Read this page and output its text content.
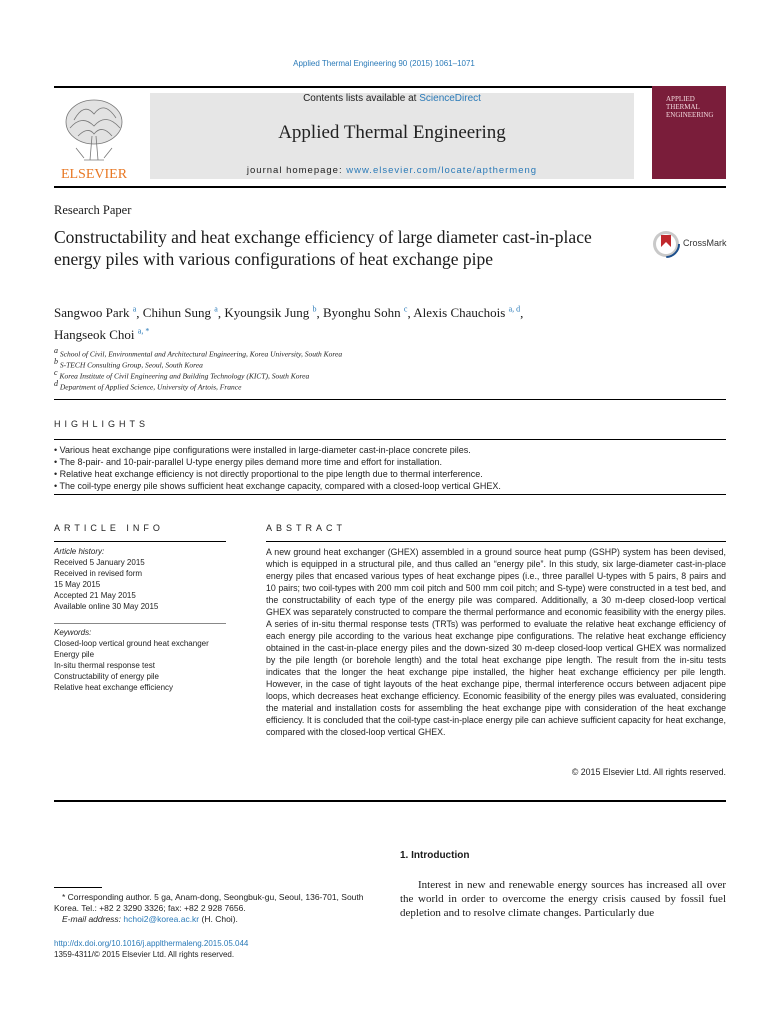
Applied Thermal Engineering 90 (2015) 1061–1071
ELSEVIER
Contents lists available at ScienceDirect
Applied Thermal Engineering
journal homepage: www.elsevier.com/locate/apthermeng
APPLIED THERMAL ENGINEERING
Research Paper
Constructability and heat exchange efficiency of large diameter cast-in-place energy piles with various configurations of heat exchange pipe
CrossMark
Sangwoo Park $^a$, Chihun Sung $^a$, Kyoungsik Jung $^b$, Byonghu Sohn $^c$, Alexis Chauchois $^{a, d}$,
Hangseok Choi $^{a, *}$
$^a$ School of Civil, Environmental and Architectural Engineering, Korea University, South Korea
$^b$ S-TECH Consulting Group, Seoul, South Korea
$^c$ Korea Institute of Civil Engineering and Building Technology (KICT), South Korea
$^d$ Department of Applied Science, University of Artois, France
HIGHLIGHTS
• Various heat exchange pipe configurations were installed in large-diameter cast-in-place concrete piles.
• The 8-pair- and 10-pair-parallel U-type energy piles demand more time and effort for installation.
• Relative heat exchange efficiency is not directly proportional to the pipe length due to thermal interference.
• The coil-type energy pile shows sufficient heat exchange capacity, compared with a closed-loop vertical GHEX.
ARTICLE INFO
Article history:
Received 5 January 2015
Received in revised form
15 May 2015
Accepted 21 May 2015
Available online 30 May 2015
Keywords:
Closed-loop vertical ground heat exchanger
Energy pile
In-situ thermal response test
Constructability of energy pile
Relative heat exchange efficiency
ABSTRACT
A new ground heat exchanger (GHEX) assembled in a ground source heat pump (GSHP) system has been devised, which is equipped in a structural pile, and thus called an “energy pile”. In this study, six large-diameter cast-in-place energy piles that encased various types of heat exchange pipes (i.e., three parallel U-types with 5 pairs, 8 pairs and 10 pairs; two coil-types with 200 mm coil pitch and 500 mm coil pitch; and S-type) were constructed in a test bed, and the constructability of each type of the energy pile was compared. Additionally, a 30 m-deep closed-loop vertical GHEX was separately constructed to compare the thermal performance and economic feasibility with the energy piles. A series of in-situ thermal response tests (TRTs) was performed to evaluate the relative heat exchange efficiency of each energy pile according to the various heat exchange pipe configurations. The relative heat exchange efficiency obtained in the cast-in-place energy piles and the down-sized 30 m-deep closed-loop vertical GHEX was normalized by the pile length (or borehole length) and the total heat exchange pipe length. The result from the in-situ tests indicates that the longer the heat exchange pipe installed, the higher heat exchange efficiency per pile length. However, in the case of tight layouts of the heat exchange pipe, thermal interference occurs between adjacent pipe loops, which decreases heat exchange efficiency. Economic feasibility of the energy piles was evaluated, considering the material and installation costs for assembling the heat exchange pipe with consideration of the heat exchange efficiency. It is concluded that the coil-type cast-in-place energy pile can achieve sufficient capacity for heat exchange, compared with the closed-loop vertical GHEX.
© 2015 Elsevier Ltd. All rights reserved.
1. Introduction
Interest in new and renewable energy sources has increased all over the world in order to overcome the energy crisis caused by fossil fuel depletion and to resolve climate changes. Particularly due
* Corresponding author. 5 ga, Anam-dong, Seongbuk-gu, Seoul, 136-701, South Korea. Tel.: +82 2 3290 3326; fax: +82 2 928 7656.
E-mail address: hchoi2@korea.ac.kr (H. Choi).
http://dx.doi.org/10.1016/j.applthermaleng.2015.05.044
1359-4311/© 2015 Elsevier Ltd. All rights reserved.
